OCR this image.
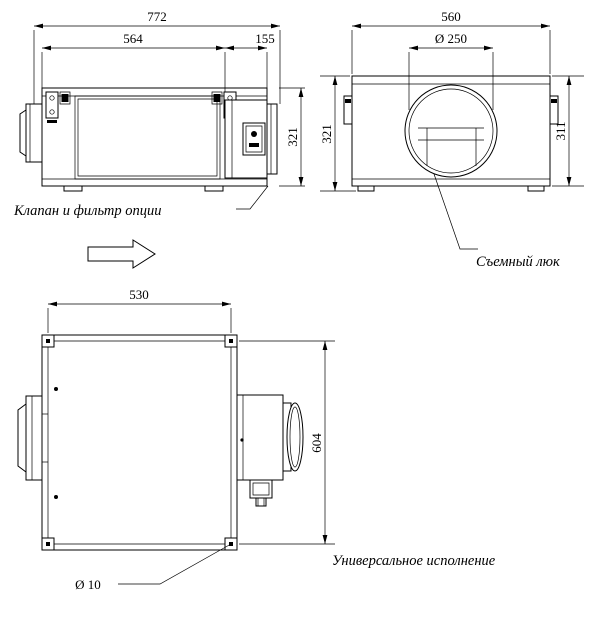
772
564	155
321
Клапан и фильтр опции
560
Ø 250
321	311
Съемный люк
530
604
Ø 10
Универсальное исполнение
